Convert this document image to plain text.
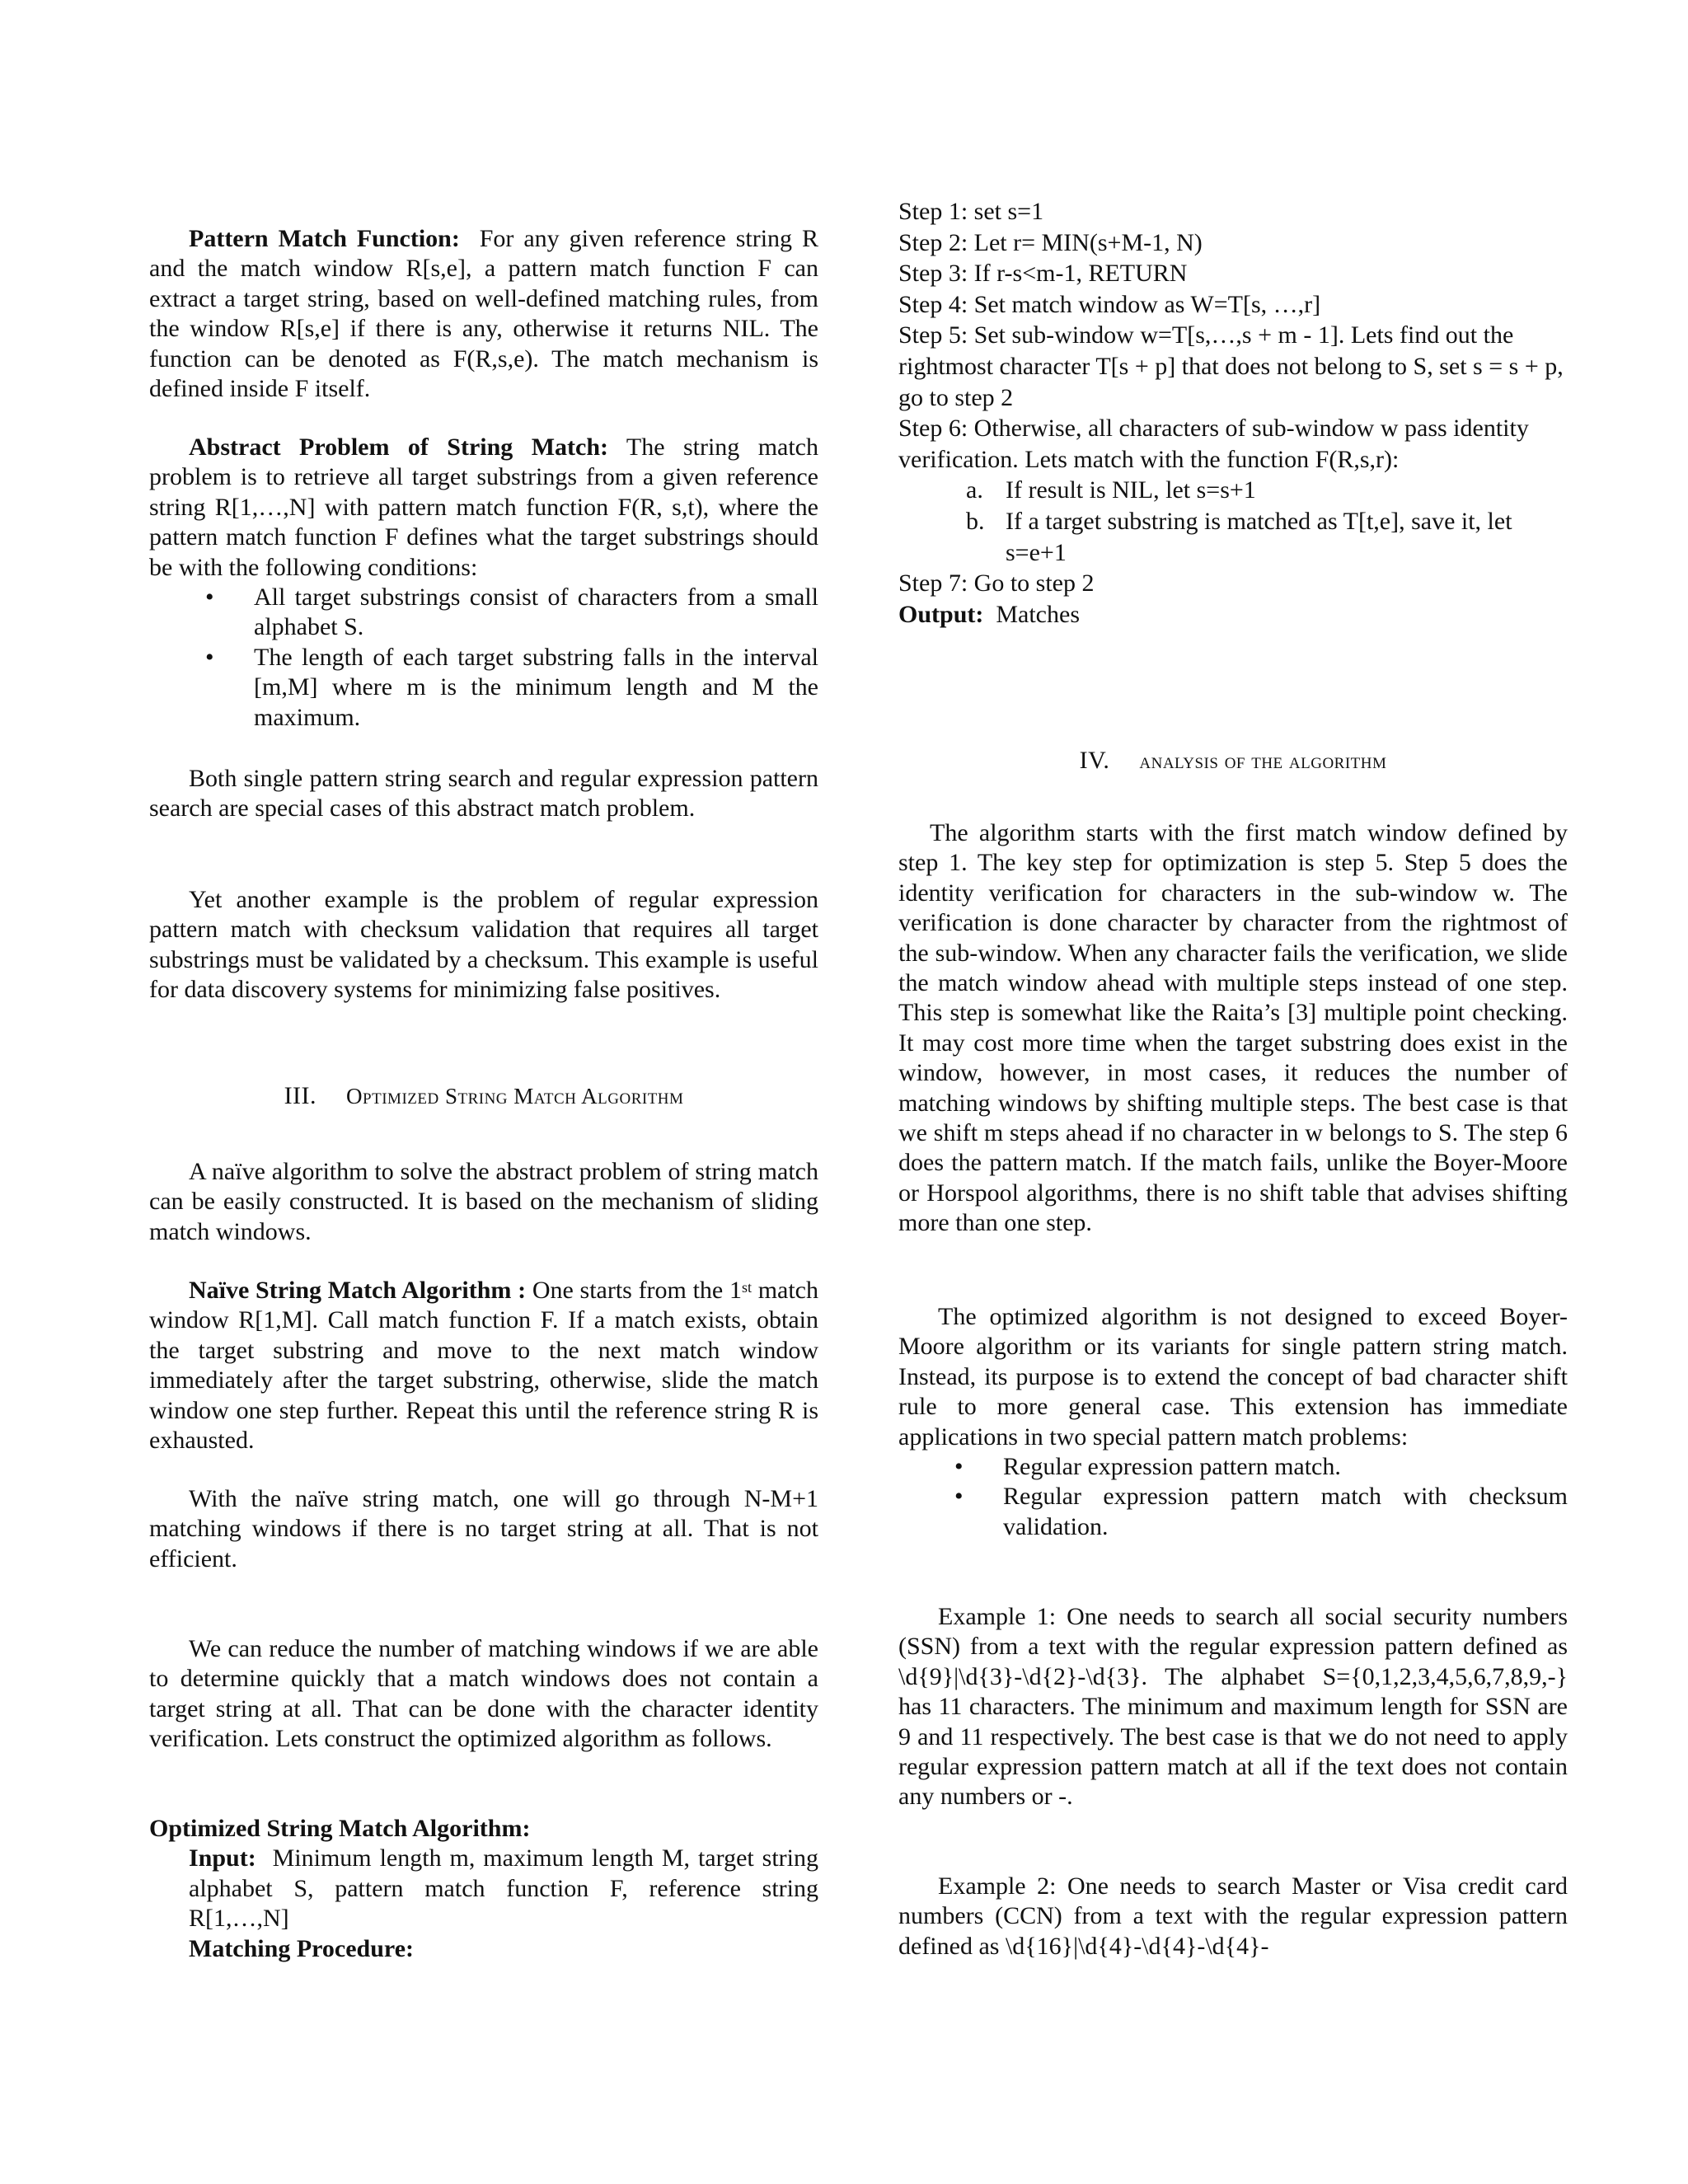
Pattern Match Function: For any given reference string R and the match window R[s,e], a pattern match function F can extract a target string, based on well-defined matching rules, from the window R[s,e] if there is any, otherwise it returns NIL. The function can be denoted as F(R,s,e). The match mechanism is defined inside F itself.

Abstract Problem of String Match: The string match problem is to retrieve all target substrings from a given reference string R[1,…,N] with pattern match function F(R, s,t), where the pattern match function F defines what the target substrings should be with the following conditions:

• All target substrings consist of characters from a small alphabet S.
• The length of each target substring falls in the interval [m,M] where m is the minimum length and M the maximum.

Both single pattern string search and regular expression pattern search are special cases of this abstract match problem.

Yet another example is the problem of regular expression pattern match with checksum validation that requires all target substrings must be validated by a checksum. This example is useful for data discovery systems for minimizing false positives.

III. Optimized String Match Algorithm

A naïve algorithm to solve the abstract problem of string match can be easily constructed. It is based on the mechanism of sliding match windows.

Naïve String Match Algorithm : One starts from the 1st match window R[1,M]. Call match function F. If a match exists, obtain the target substring and move to the next match window immediately after the target substring, otherwise, slide the match window one step further. Repeat this until the reference string R is exhausted.

With the naïve string match, one will go through N-M+1 matching windows if there is no target string at all. That is not efficient.

We can reduce the number of matching windows if we are able to determine quickly that a match windows does not contain a target string at all. That can be done with the character identity verification. Lets construct the optimized algorithm as follows.

Optimized String Match Algorithm:

Input: Minimum length m, maximum length M, target string alphabet S, pattern match function F, reference string R[1,…,N]

Matching Procedure:

Step 1: set s=1
Step 2: Let r= MIN(s+M-1, N)
Step 3: If r-s<m-1, RETURN
Step 4: Set match window as W=T[s, …,r]
Step 5: Set sub-window w=T[s,…,s + m - 1]. Lets find out the rightmost character T[s + p] that does not belong to S, set s = s + p, go to step 2
Step 6: Otherwise, all characters of sub-window w pass identity verification. Lets match with the function F(R,s,r):
a. If result is NIL, let s=s+1
b. If a target substring is matched as T[t,e], save it, let s=e+1
Step 7: Go to step 2
Output: Matches
IV. analysis of the algorithm

The algorithm starts with the first match window defined by step 1. The key step for optimization is step 5. Step 5 does the identity verification for characters in the sub-window w. The verification is done character by character from the rightmost of the sub-window. When any character fails the verification, we slide the match window ahead with multiple steps instead of one step. This step is somewhat like the Raita’s [3] multiple point checking. It may cost more time when the target substring does exist in the window, however, in most cases, it reduces the number of matching windows by shifting multiple steps. The best case is that we shift m steps ahead if no character in w belongs to S. The step 6 does the pattern match. If the match fails, unlike the Boyer-Moore or Horspool algorithms, there is no shift table that advises shifting more than one step.

The optimized algorithm is not designed to exceed Boyer-Moore algorithm or its variants for single pattern string match. Instead, its purpose is to extend the concept of bad character shift rule to more general case. This extension has immediate applications in two special pattern match problems:

• Regular expression pattern match.
• Regular expression pattern match with checksum validation.

Example 1: One needs to search all social security numbers (SSN) from a text with the regular expression pattern defined as \d{9}|\d{3}-\d{2}-\d{3}. The alphabet S={0,1,2,3,4,5,6,7,8,9,-} has 11 characters. The minimum and maximum length for SSN are 9 and 11 respectively. The best case is that we do not need to apply regular expression pattern match at all if the text does not contain any numbers or -.

Example 2: One needs to search Master or Visa credit card numbers (CCN) from a text with the regular expression pattern defined as \d{16}|\d{4}-\d{4}-\d{4}-
